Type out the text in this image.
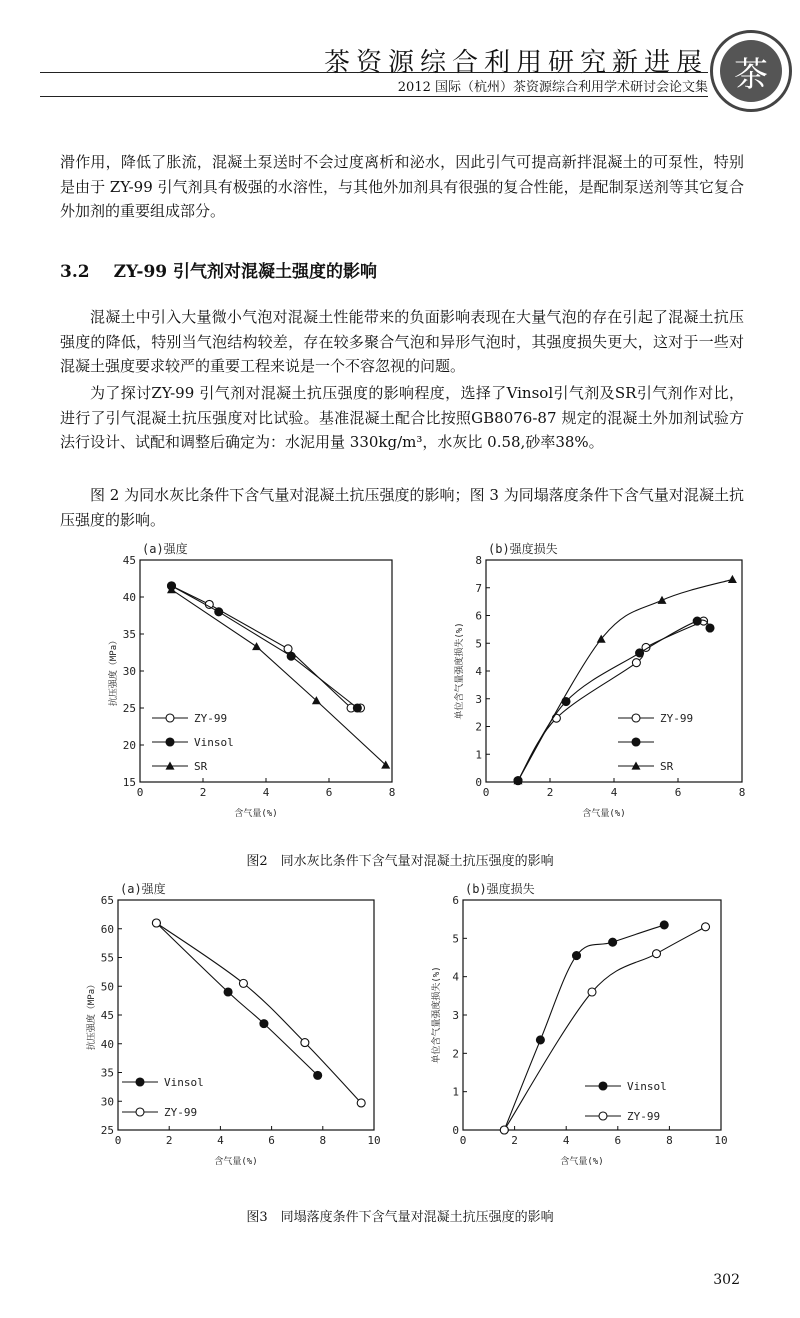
茶资源综合利用研究新进展
2012 国际（杭州）茶资源综合利用学术研讨会论文集 茶
滑作用，降低了胀流，混凝土泵送时不会过度离析和泌水，因此引气可提高新拌混凝土的可泵性，特别是由于 ZY-99 引气剂具有极强的水溶性，与其他外加剂具有很强的复合性能，是配制泵送剂等其它复合外加剂的重要组成部分。
3.2 ZY-99 引气剂对混凝土强度的影响
混凝土中引入大量微小气泡对混凝土性能带来的负面影响表现在大量气泡的存在引起了混凝土抗压强度的降低，特别当气泡结构较差，存在较多聚合气泡和异形气泡时，其强度损失更大，这对于一些对混凝土强度要求较严的重要工程来说是一个不容忽视的问题。
为了探讨ZY-99 引气剂对混凝土抗压强度的影响程度，选择了Vinsol引气剂及SR引气剂作对比，进行了引气混凝土抗压强度对比试验。基准混凝土配合比按照GB8076-87 规定的混凝土外加剂试验方法行设计、试配和调整后确定为：水泥用量 330kg/m³，水灰比 0.58,砂率38%。
图 2 为同水灰比条件下含气量对混凝土抗压强度的影响；图 3 为同塌落度条件下含气量对混凝土抗压强度的影响。
(a)强度
0	2	4	6	8
15
20
25
30
35
40
45
含气量(%)
抗压强度（MPa）
ZY-99
Vinsol
SR
(b)强度损失
0	2	4	6	8
0
1
2
3
4
5
6
7
8
含气量(%)
单位含气量强度损失(%)	ZY-99
SR
图2　同水灰比条件下含气量对混凝土抗压强度的影响
(a)强度
0	2	4	6	8	10
25
30
35
40
45
50
55
60
65
含气量(%)
抗压强度（MPa）
Vinsol
ZY-99
(b)强度损失
0	2	4	6	8	10
0
1
2
3
4
5
6
含气量(%)
单位含气量强度损失(%)
Vinsol
ZY-99
图3　同塌落度条件下含气量对混凝土抗压强度的影响
302
